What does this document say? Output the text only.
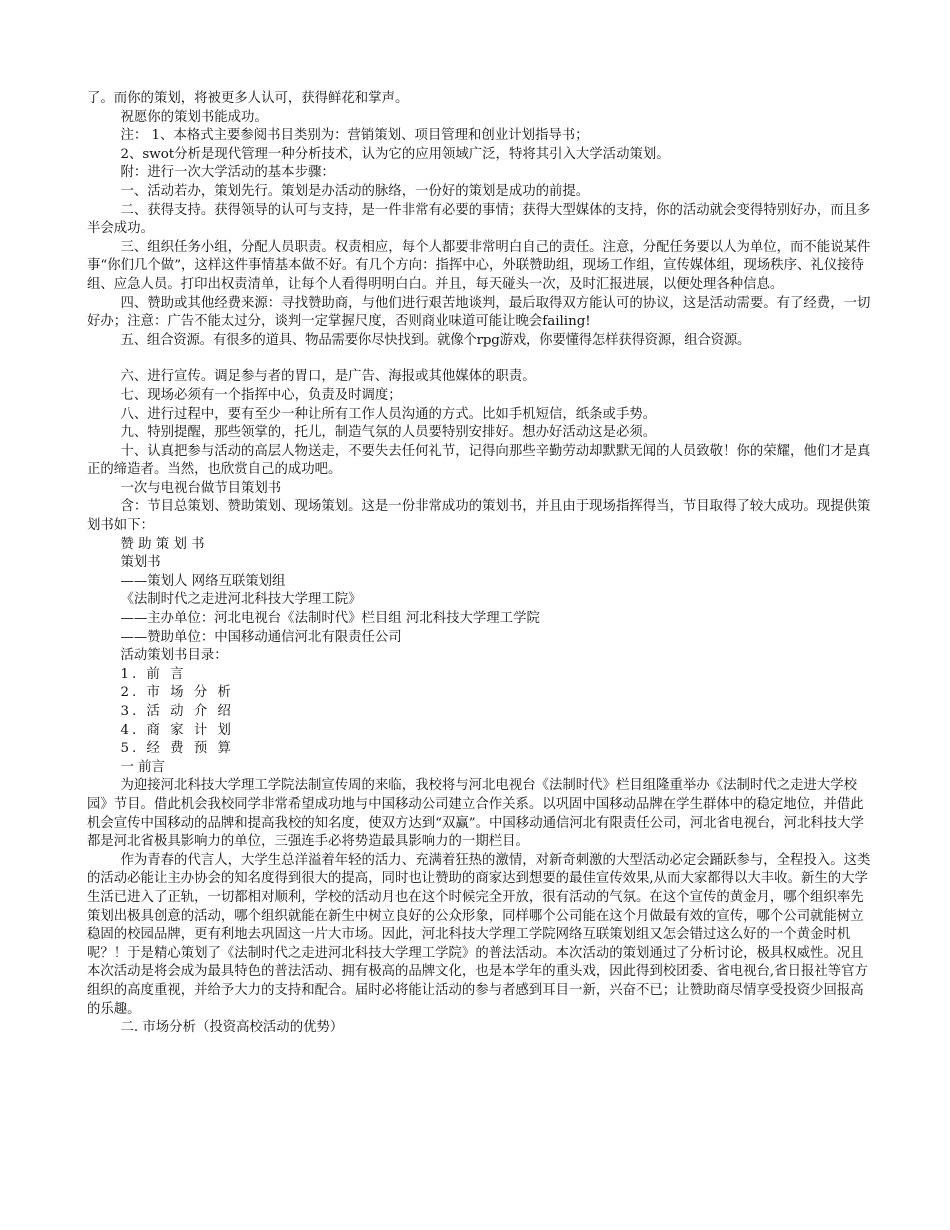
了。而你的策划，将被更多人认可，获得鲜花和掌声。

祝愿你的策划书能成功。

注： 1、本格式主要参阅书目类别为：营销策划、项目管理和创业计划指导书；

2、swot分析是现代管理一种分析技术，认为它的应用领域广泛，特将其引入大学活动策划。

附：进行一次大学活动的基本步骤：

一、活动若办，策划先行。策划是办活动的脉络，一份好的策划是成功的前提。

二、获得支持。获得领导的认可与支持，是一件非常有必要的事情；获得大型媒体的支持，你的活动就会变得特别好办，而且多半会成功。

三、组织任务小组，分配人员职责。权责相应，每个人都要非常明白自己的责任。注意，分配任务要以人为单位，而不能说某件事“你们几个做”，这样这件事情基本做不好。有几个方向：指挥中心，外联赞助组，现场工作组，宣传媒体组，现场秩序、礼仪接待组、应急人员。打印出权责清单，让每个人看得明明白白。并且，每天碰头一次，及时汇报进展，以便处理各种信息。

四、赞助或其他经费来源：寻找赞助商，与他们进行艰苦地谈判，最后取得双方能认可的协议，这是活动需要。有了经费，一切好办；注意：广告不能太过分，谈判一定掌握尺度，否则商业味道可能让晚会failing!

五、组合资源。有很多的道具、物品需要你尽快找到。就像个rpg游戏，你要懂得怎样获得资源，组合资源。

六、进行宣传。调足参与者的胃口，是广告、海报或其他媒体的职责。

七、现场必须有一个指挥中心，负责及时调度；

八、进行过程中，要有至少一种让所有工作人员沟通的方式。比如手机短信，纸条或手势。

九、特别提醒，那些领掌的，托儿，制造气氛的人员要特别安排好。想办好活动这是必须。

十、认真把参与活动的高层人物送走，不要失去任何礼节，记得向那些辛勤劳动却默默无闻的人员致敬！你的荣耀，他们才是真正的缔造者。当然，也欣赏自己的成功吧。

一次与电视台做节目策划书

含：节目总策划、赞助策划、现场策划。这是一份非常成功的策划书，并且由于现场指挥得当，节目取得了较大成功。现提供策划书如下：

赞 助 策 划 书

策划书

——策划人 网络互联策划组

《法制时代之走进河北科技大学理工院》

——主办单位：河北电视台《法制时代》栏目组 河北科技大学理工学院

——赞助单位：中国移动通信河北有限责任公司

活动策划书目录：

1. 前 言

2. 市 场 分 析

3. 活 动 介 绍

4. 商 家 计 划

5. 经 费 预 算

一 前言

为迎接河北科技大学理工学院法制宣传周的来临，我校将与河北电视台《法制时代》栏目组隆重举办《法制时代之走进大学校园》节目。借此机会我校同学非常希望成功地与中国移动公司建立合作关系。以巩固中国移动品牌在学生群体中的稳定地位，并借此机会宣传中国移动的品牌和提高我校的知名度，使双方达到“双赢”。中国移动通信河北有限责任公司，河北省电视台，河北科技大学都是河北省极具影响力的单位，三强连手必将势造最具影响力的一期栏目。

作为青春的代言人，大学生总洋溢着年轻的活力、充满着狂热的激情，对新奇刺激的大型活动必定会踊跃参与，全程投入。这类的活动必能让主办协会的知名度得到很大的提高，同时也让赞助的商家达到想要的最佳宣传效果,从而大家都得以大丰收。新生的大学生活已进入了正轨，一切都相对顺利，学校的活动月也在这个时候完全开放，很有活动的气氛。在这个宣传的黄金月，哪个组织率先策划出极具创意的活动，哪个组织就能在新生中树立良好的公众形象，同样哪个公司能在这个月做最有效的宣传，哪个公司就能树立稳固的校园品牌，更有利地去巩固这一片大市场。因此，河北科技大学理工学院网络互联策划组又怎会错过这么好的一个黄金时机呢？！于是精心策划了《法制时代之走进河北科技大学理工学院》的普法活动。本次活动的策划通过了分析讨论，极具权威性。况且本次活动是将会成为最具特色的普法活动、拥有极高的品牌文化，也是本学年的重头戏，因此得到校团委、省电视台,省日报社等官方组织的高度重视，并给予大力的支持和配合。届时必将能让活动的参与者感到耳目一新，兴奋不已；让赞助商尽情享受投资少回报高的乐趣。

二. 市场分析（投资高校活动的优势）
